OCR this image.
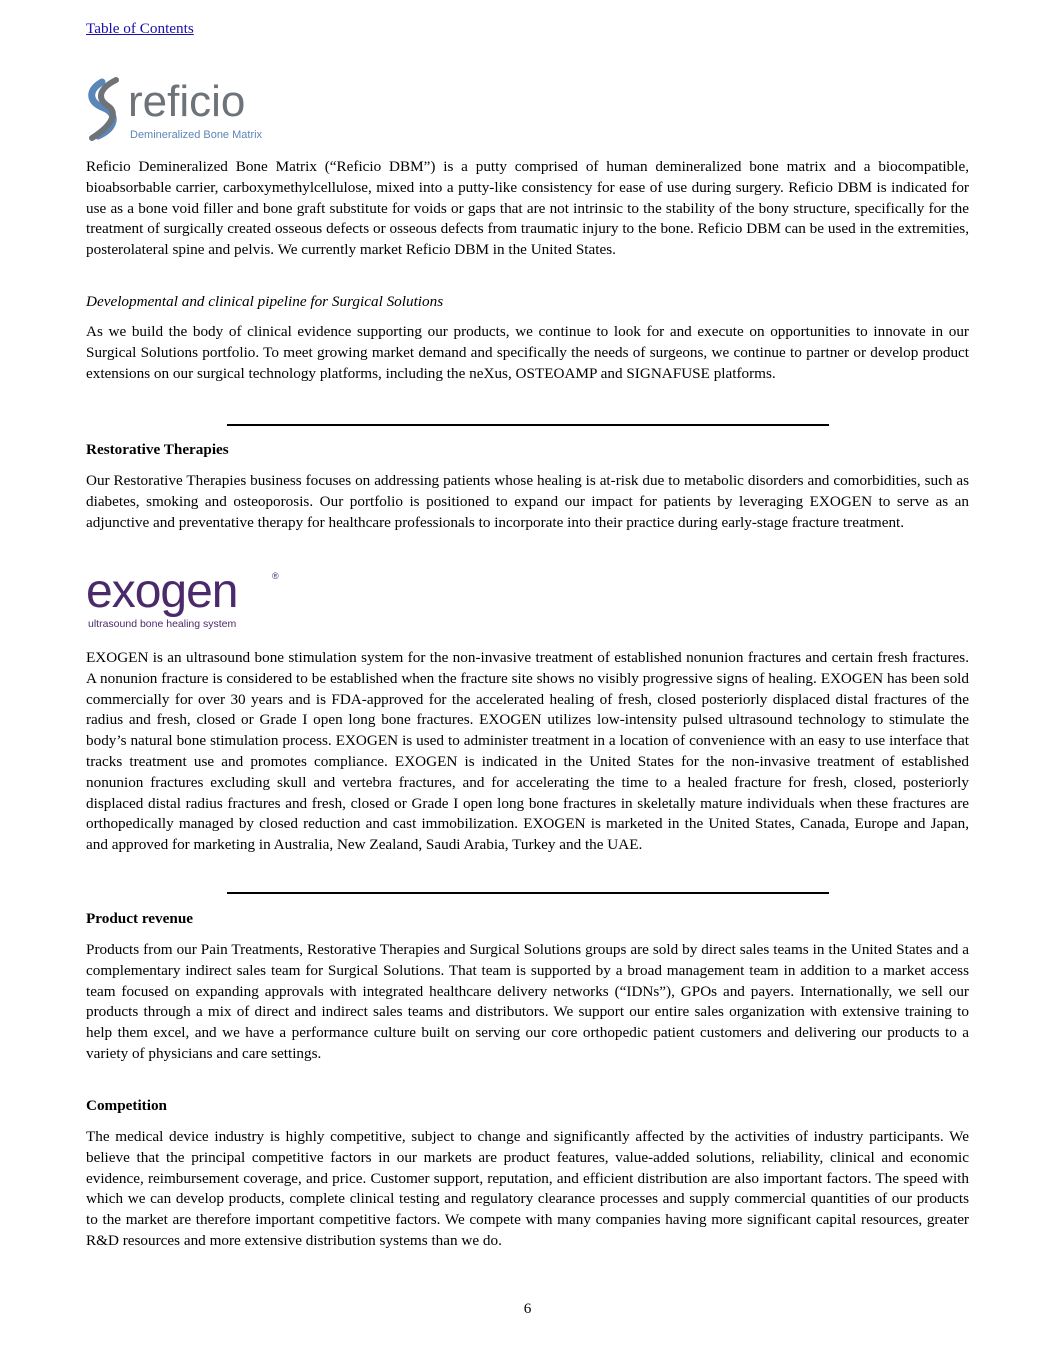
Table of Contents
reficio
Demineralized Bone Matrix

Reficio Demineralized Bone Matrix (“Reficio DBM”) is a putty comprised of human demineralized bone matrix and a biocompatible, bioabsorbable carrier, carboxymethylcellulose, mixed into a putty-like consistency for ease of use during surgery. Reficio DBM is indicated for use as a bone void filler and bone graft substitute for voids or gaps that are not intrinsic to the stability of the bony structure, specifically for the treatment of surgically created osseous defects or osseous defects from traumatic injury to the bone. Reficio DBM can be used in the extremities, posterolateral spine and pelvis. We currently market Reficio DBM in the United States.

Developmental and clinical pipeline for Surgical Solutions

As we build the body of clinical evidence supporting our products, we continue to look for and execute on opportunities to innovate in our Surgical Solutions portfolio. To meet growing market demand and specifically the needs of surgeons, we continue to partner or develop product extensions on our surgical technology platforms, including the neXus, OSTEOAMP and SIGNAFUSE platforms.

Restorative Therapies

Our Restorative Therapies business focuses on addressing patients whose healing is at-risk due to metabolic disorders and comorbidities, such as diabetes, smoking and osteoporosis. Our portfolio is positioned to expand our impact for patients by leveraging EXOGEN to serve as an adjunctive and preventative therapy for healthcare professionals to incorporate into their practice during early-stage fracture treatment.

exogen	®
ultrasound bone healing system

EXOGEN is an ultrasound bone stimulation system for the non-invasive treatment of established nonunion fractures and certain fresh fractures. A nonunion fracture is considered to be established when the fracture site shows no visibly progressive signs of healing. EXOGEN has been sold commercially for over 30 years and is FDA-approved for the accelerated healing of fresh, closed posteriorly displaced distal fractures of the radius and fresh, closed or Grade I open long bone fractures. EXOGEN utilizes low-intensity pulsed ultrasound technology to stimulate the body’s natural bone stimulation process. EXOGEN is used to administer treatment in a location of convenience with an easy to use interface that tracks treatment use and promotes compliance. EXOGEN is indicated in the United States for the non-invasive treatment of established nonunion fractures excluding skull and vertebra fractures, and for accelerating the time to a healed fracture for fresh, closed, posteriorly displaced distal radius fractures and fresh, closed or Grade I open long bone fractures in skeletally mature individuals when these fractures are orthopedically managed by closed reduction and cast immobilization. EXOGEN is marketed in the United States, Canada, Europe and Japan, and approved for marketing in Australia, New Zealand, Saudi Arabia, Turkey and the UAE.

Product revenue

Products from our Pain Treatments, Restorative Therapies and Surgical Solutions groups are sold by direct sales teams in the United States and a complementary indirect sales team for Surgical Solutions. That team is supported by a broad management team in addition to a market access team focused on expanding approvals with integrated healthcare delivery networks (“IDNs”), GPOs and payers. Internationally, we sell our products through a mix of direct and indirect sales teams and distributors. We support our entire sales organization with extensive training to help them excel, and we have a performance culture built on serving our core orthopedic patient customers and delivering our products to a variety of physicians and care settings.

Competition

The medical device industry is highly competitive, subject to change and significantly affected by the activities of industry participants. We believe that the principal competitive factors in our markets are product features, value-added solutions, reliability, clinical and economic evidence, reimbursement coverage, and price. Customer support, reputation, and efficient distribution are also important factors. The speed with which we can develop products, complete clinical testing and regulatory clearance processes and supply commercial quantities of our products to the market are therefore important competitive factors. We compete with many companies having more significant capital resources, greater R&D resources and more extensive distribution systems than we do.

6
